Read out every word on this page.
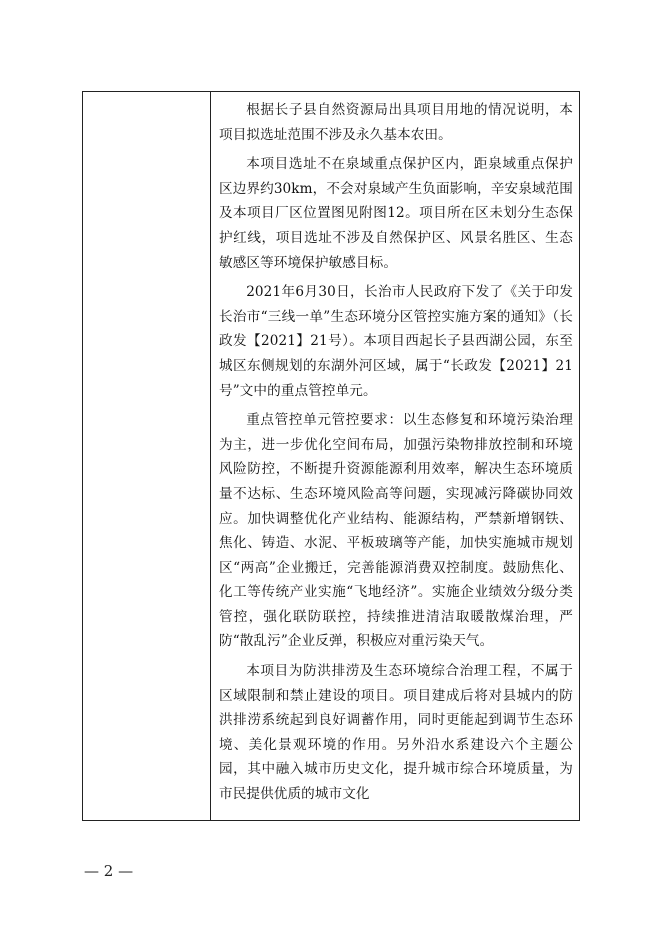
根据长子县自然资源局出具项目用地的情况说明，本项目拟选址范围不涉及永久基本农田。

本项目选址不在泉域重点保护区内，距泉域重点保护区边界约30km，不会对泉域产生负面影响，辛安泉域范围及本项目厂区位置图见附图12。项目所在区未划分生态保护红线，项目选址不涉及自然保护区、风景名胜区、生态敏感区等环境保护敏感目标。

2021年6月30日，长治市人民政府下发了《关于印发长治市“三线一单”生态环境分区管控实施方案的通知》（长政发【2021】21号）。本项目西起长子县西湖公园，东至城区东侧规划的东湖外河区域，属于“长政发【2021】21号”文中的重点管控单元。

重点管控单元管控要求：以生态修复和环境污染治理为主，进一步优化空间布局，加强污染物排放控制和环境风险防控，不断提升资源能源利用效率，解决生态环境质量不达标、生态环境风险高等问题，实现减污降碳协同效应。加快调整优化产业结构、能源结构，严禁新增钢铁、焦化、铸造、水泥、平板玻璃等产能，加快实施城市规划区“两高”企业搬迁，完善能源消费双控制度。鼓励焦化、化工等传统产业实施“飞地经济”。实施企业绩效分级分类管控，强化联防联控，持续推进清洁取暖散煤治理，严防“散乱污”企业反弹，积极应对重污染天气。

本项目为防洪排涝及生态环境综合治理工程，不属于区域限制和禁止建设的项目。项目建成后将对县城内的防洪排涝系统起到良好调蓄作用，同时更能起到调节生态环境、美化景观环境的作用。另外沿水系建设六个主题公园，其中融入城市历史文化，提升城市综合环境质量，为市民提供优质的城市文化

— 2 —
